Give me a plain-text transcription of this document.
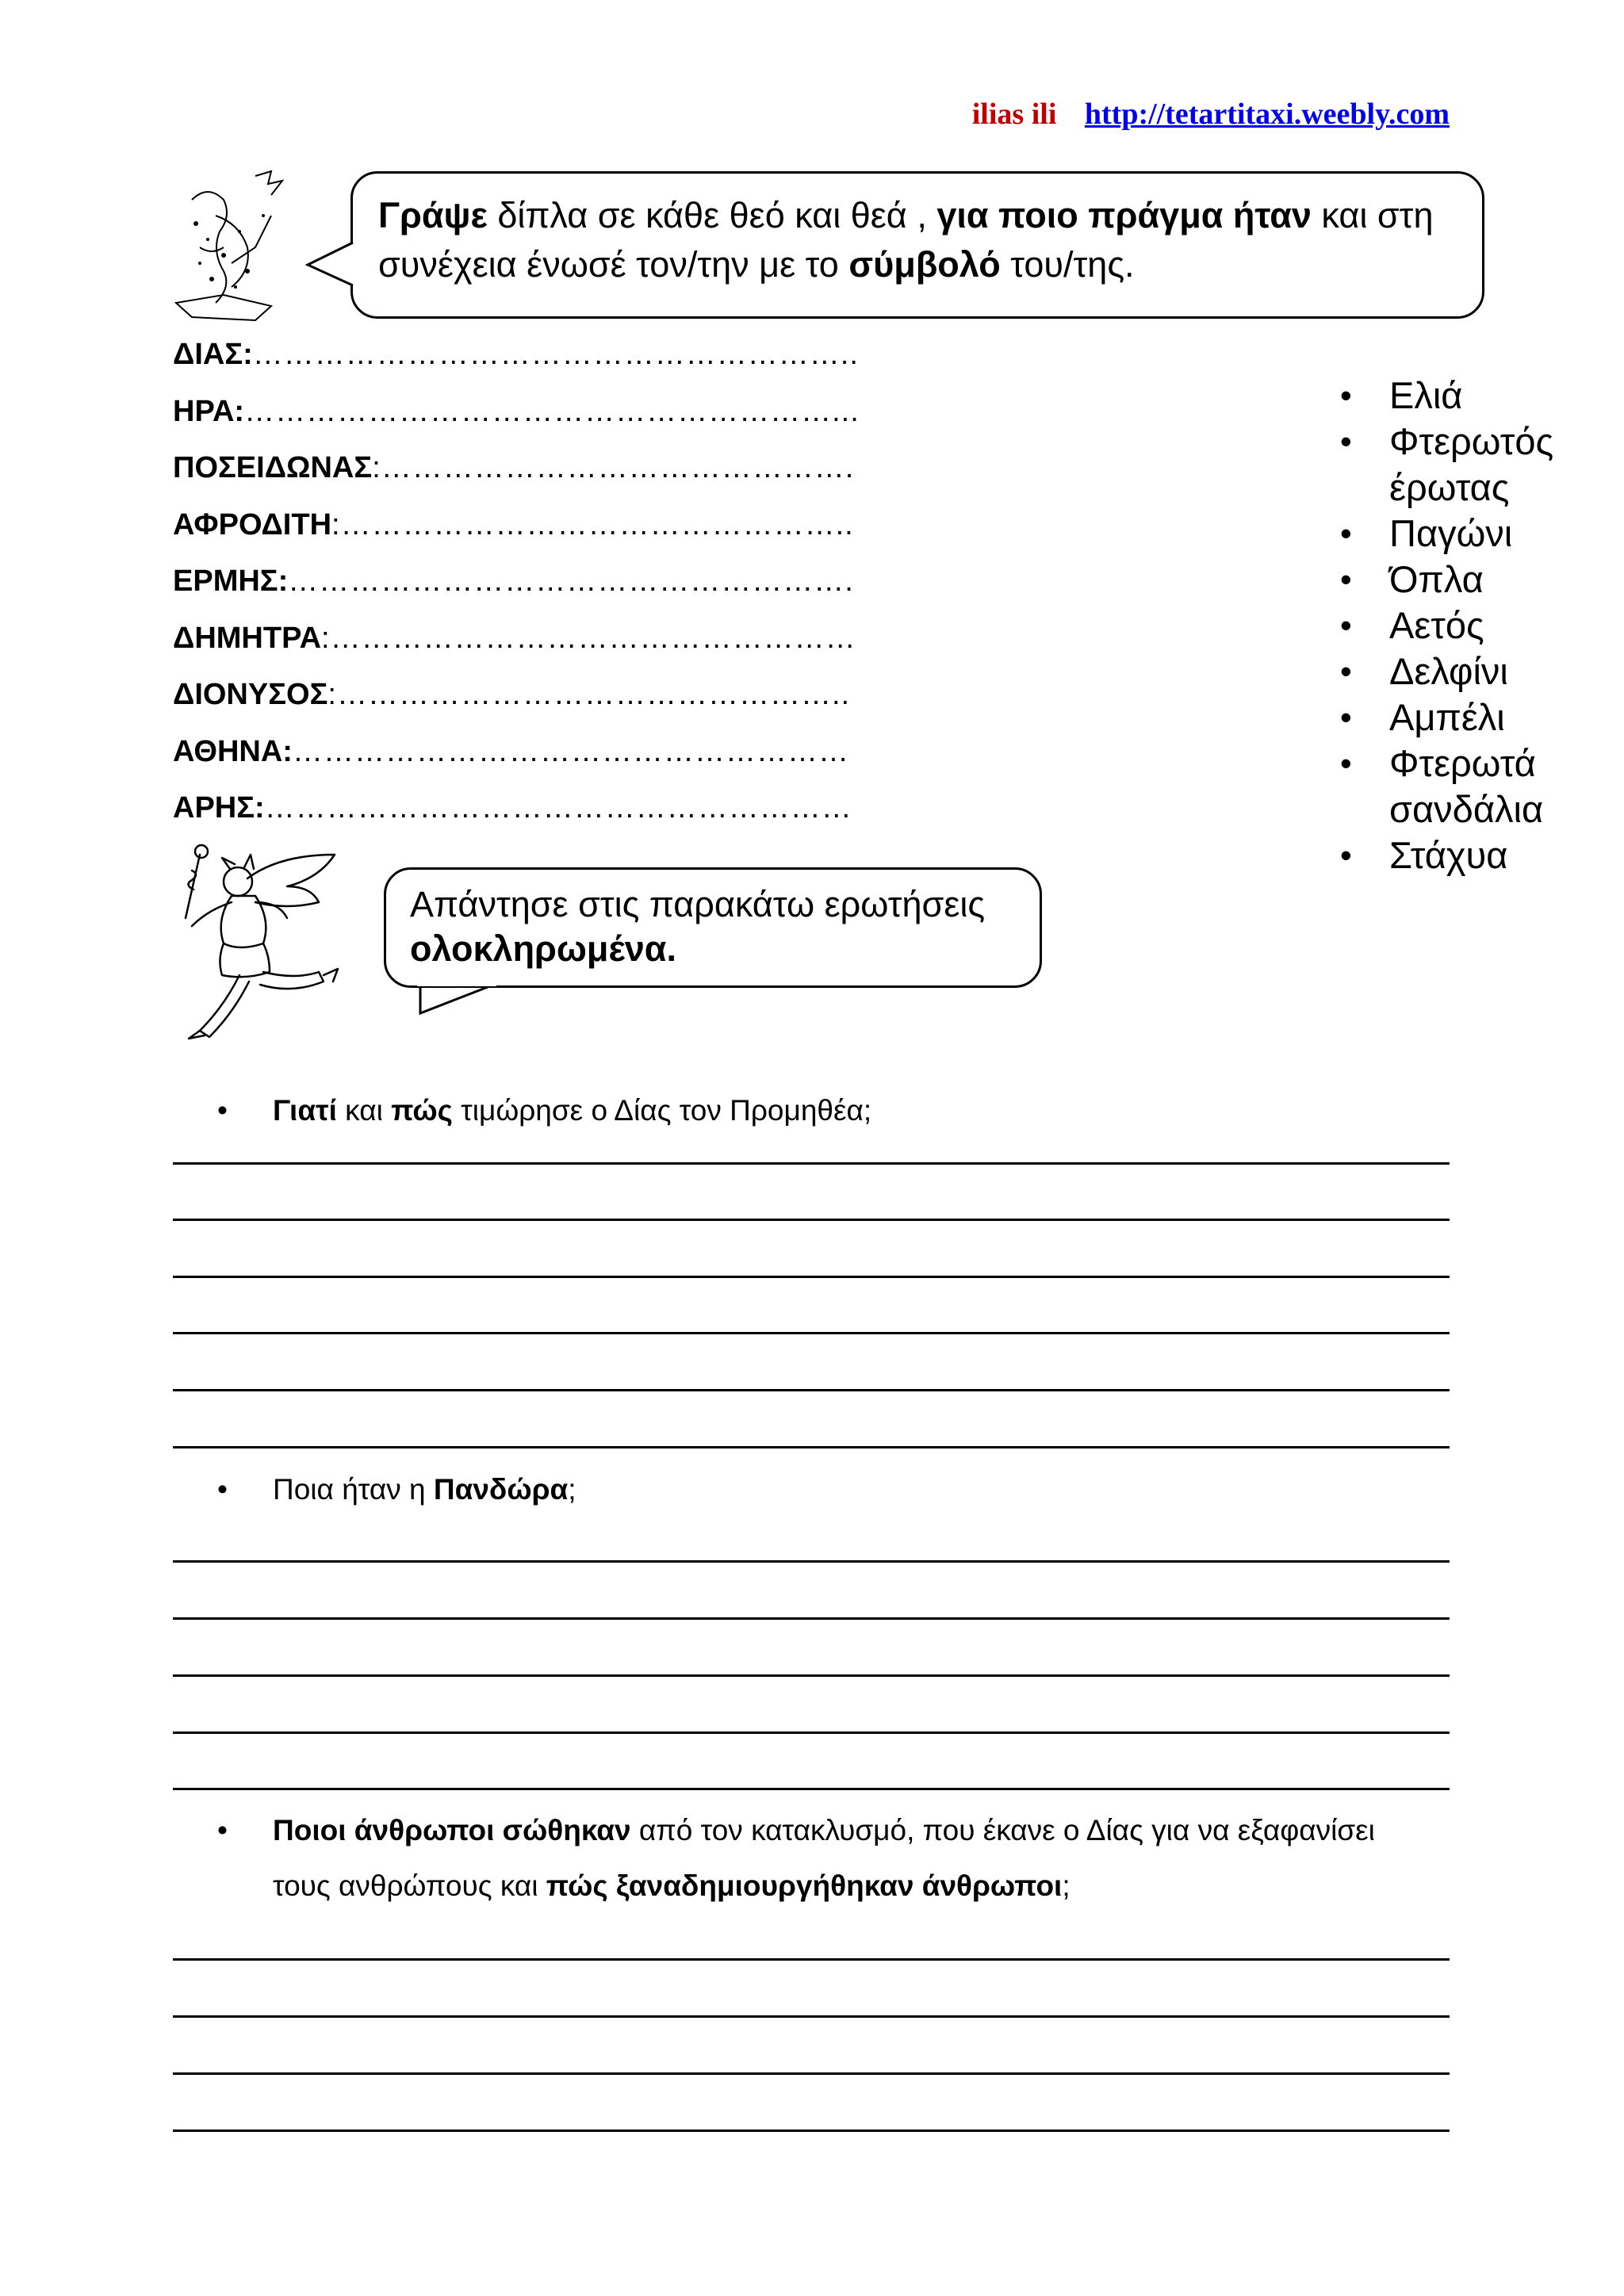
ilias ili http://tetartitaxi.weebly.com
Γράψε δίπλα σε κάθε θεό και θεά , για ποιο πράγμα ήταν και στη συνέχεια ένωσέ τον/την με το σύμβολό του/της.
ΔΙΑΣ:…………………………………………………..
ΗΡΑ:…………………………………………………...
ΠΟΣΕΙΔΩΝΑΣ:……………………………………….
ΑΦΡΟΔΙΤΗ:…………………………………………..
ΕΡΜΗΣ:……………………………………………….
ΔΗΜΗΤΡΑ:……………………………………………
ΔΙΟΝΥΣΟΣ:…………………………………………..
ΑΘΗΝΑ:………………………………………………
ΑΡΗΣ:…………………………………………………
• Ελιά
• Φτερωτός έρωτας
• Παγώνι
• Όπλα
• Αετός
• Δελφίνι
• Αμπέλι
• Φτερωτά σανδάλια
• Στάχυα
Απάντησε στις παρακάτω ερωτήσεις ολοκληρωμένα.
• Γιατί και πώς τιμώρησε ο Δίας τον Προμηθέα;
• Ποια ήταν η Πανδώρα;
• Ποιοι άνθρωποι σώθηκαν από τον κατακλυσμό, που έκανε ο Δίας για να εξαφανίσει τους ανθρώπους και πώς ξαναδημιουργήθηκαν άνθρωποι;
